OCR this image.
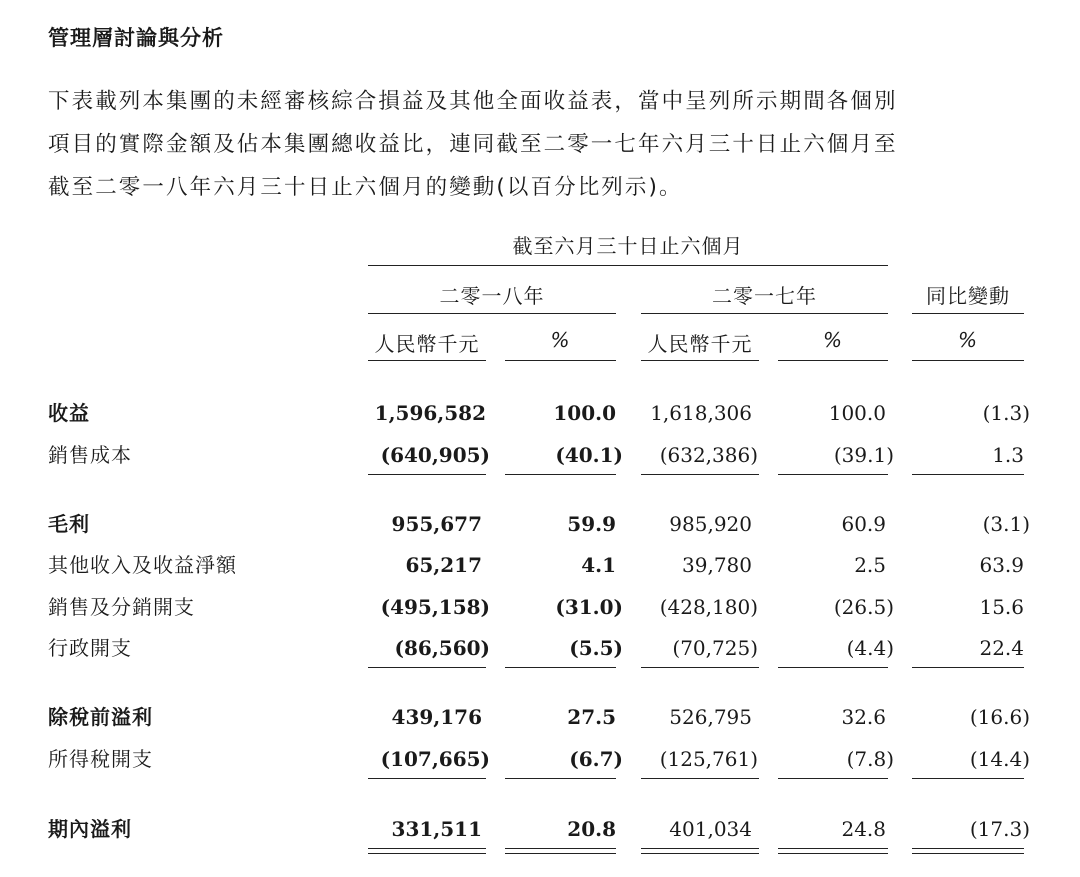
管理層討論與分析
下表載列本集團的未經審核綜合損益及其他全面收益表，當中呈列所示期間各個別
項目的實際金額及佔本集團總收益比，連同截至二零一七年六月三十日止六個月至
截至二零一八年六月三十日止六個月的變動(以百分比列示)。
截至六月三十日止六個月
二零一八年	二零一七年	同比變動
人民幣千元	%	人民幣千元	%	%
收益	1,596,582	100.0	1,618,306	100.0	(1.3)
銷售成本	(640,905)	(40.1)	(632,386)	(39.1)	1.3
毛利	955,677	59.9	985,920	60.9	(3.1)
其他收入及收益淨額	65,217	4.1	39,780	2.5	63.9
銷售及分銷開支	(495,158)	(31.0)	(428,180)	(26.5)	15.6
行政開支	(86,560)	(5.5)	(70,725)	(4.4)	22.4
除稅前溢利	439,176	27.5	526,795	32.6	(16.6)
所得稅開支	(107,665)	(6.7)	(125,761)	(7.8)	(14.4)
期內溢利	331,511	20.8	401,034	24.8	(17.3)
